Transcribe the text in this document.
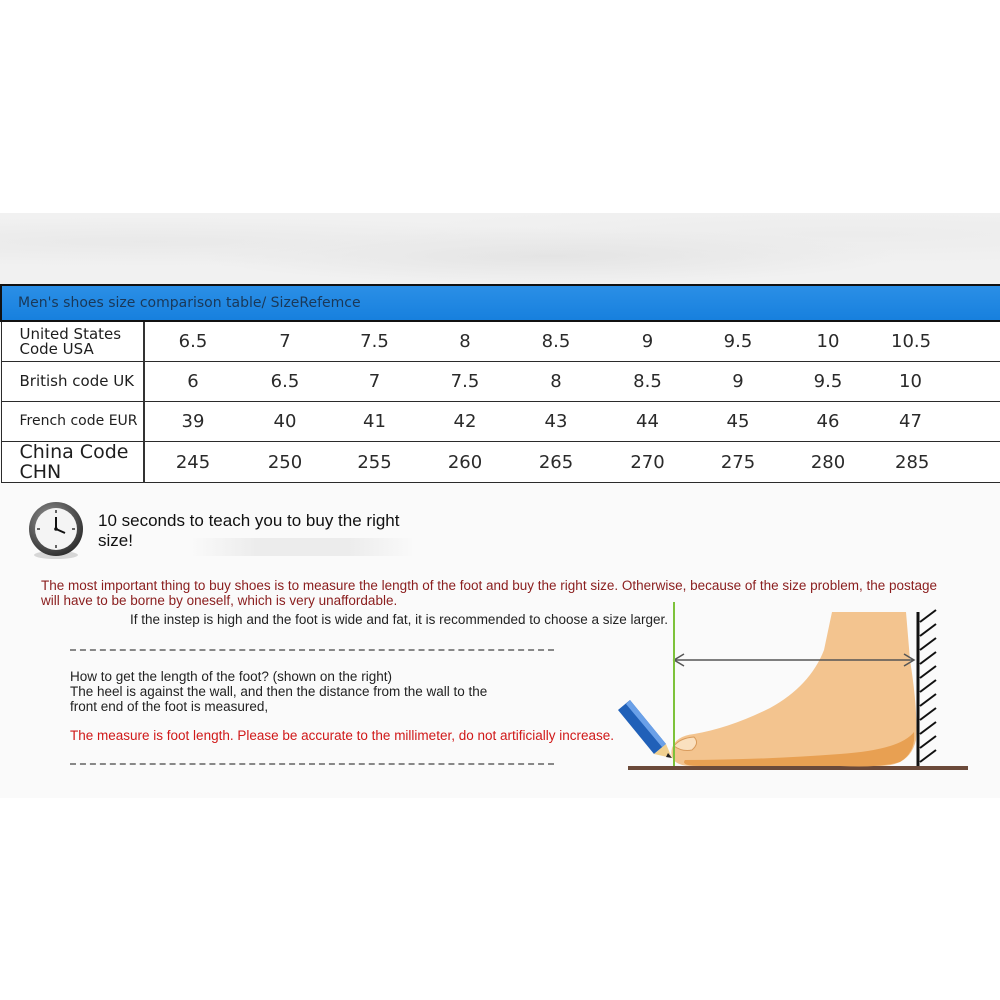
Men's shoes size comparison table/ SizeRefemce									
United States Code USA	6.5	7	7.5	8	8.5	9	9.5	10	10.5
British code UK	6	6.5	7	7.5	8	8.5	9	9.5	10
French code EUR	39	40	41	42	43	44	45	46	47
China Code CHN	245	250	255	260	265	270	275	280	285
10 seconds to teach you to buy the right size!
The most important thing to buy shoes is to measure the length of the foot and buy the right size. Otherwise, because of the size problem, the postage will have to be borne by oneself, which is very unaffordable.
If the instep is high and the foot is wide and fat, it is recommended to choose a size larger.
How to get the length of the foot? (shown on the right)
The heel is against the wall, and then the distance from the wall to the front end of the foot is measured,
The measure is foot length. Please be accurate to the millimeter, do not artificially increase.
